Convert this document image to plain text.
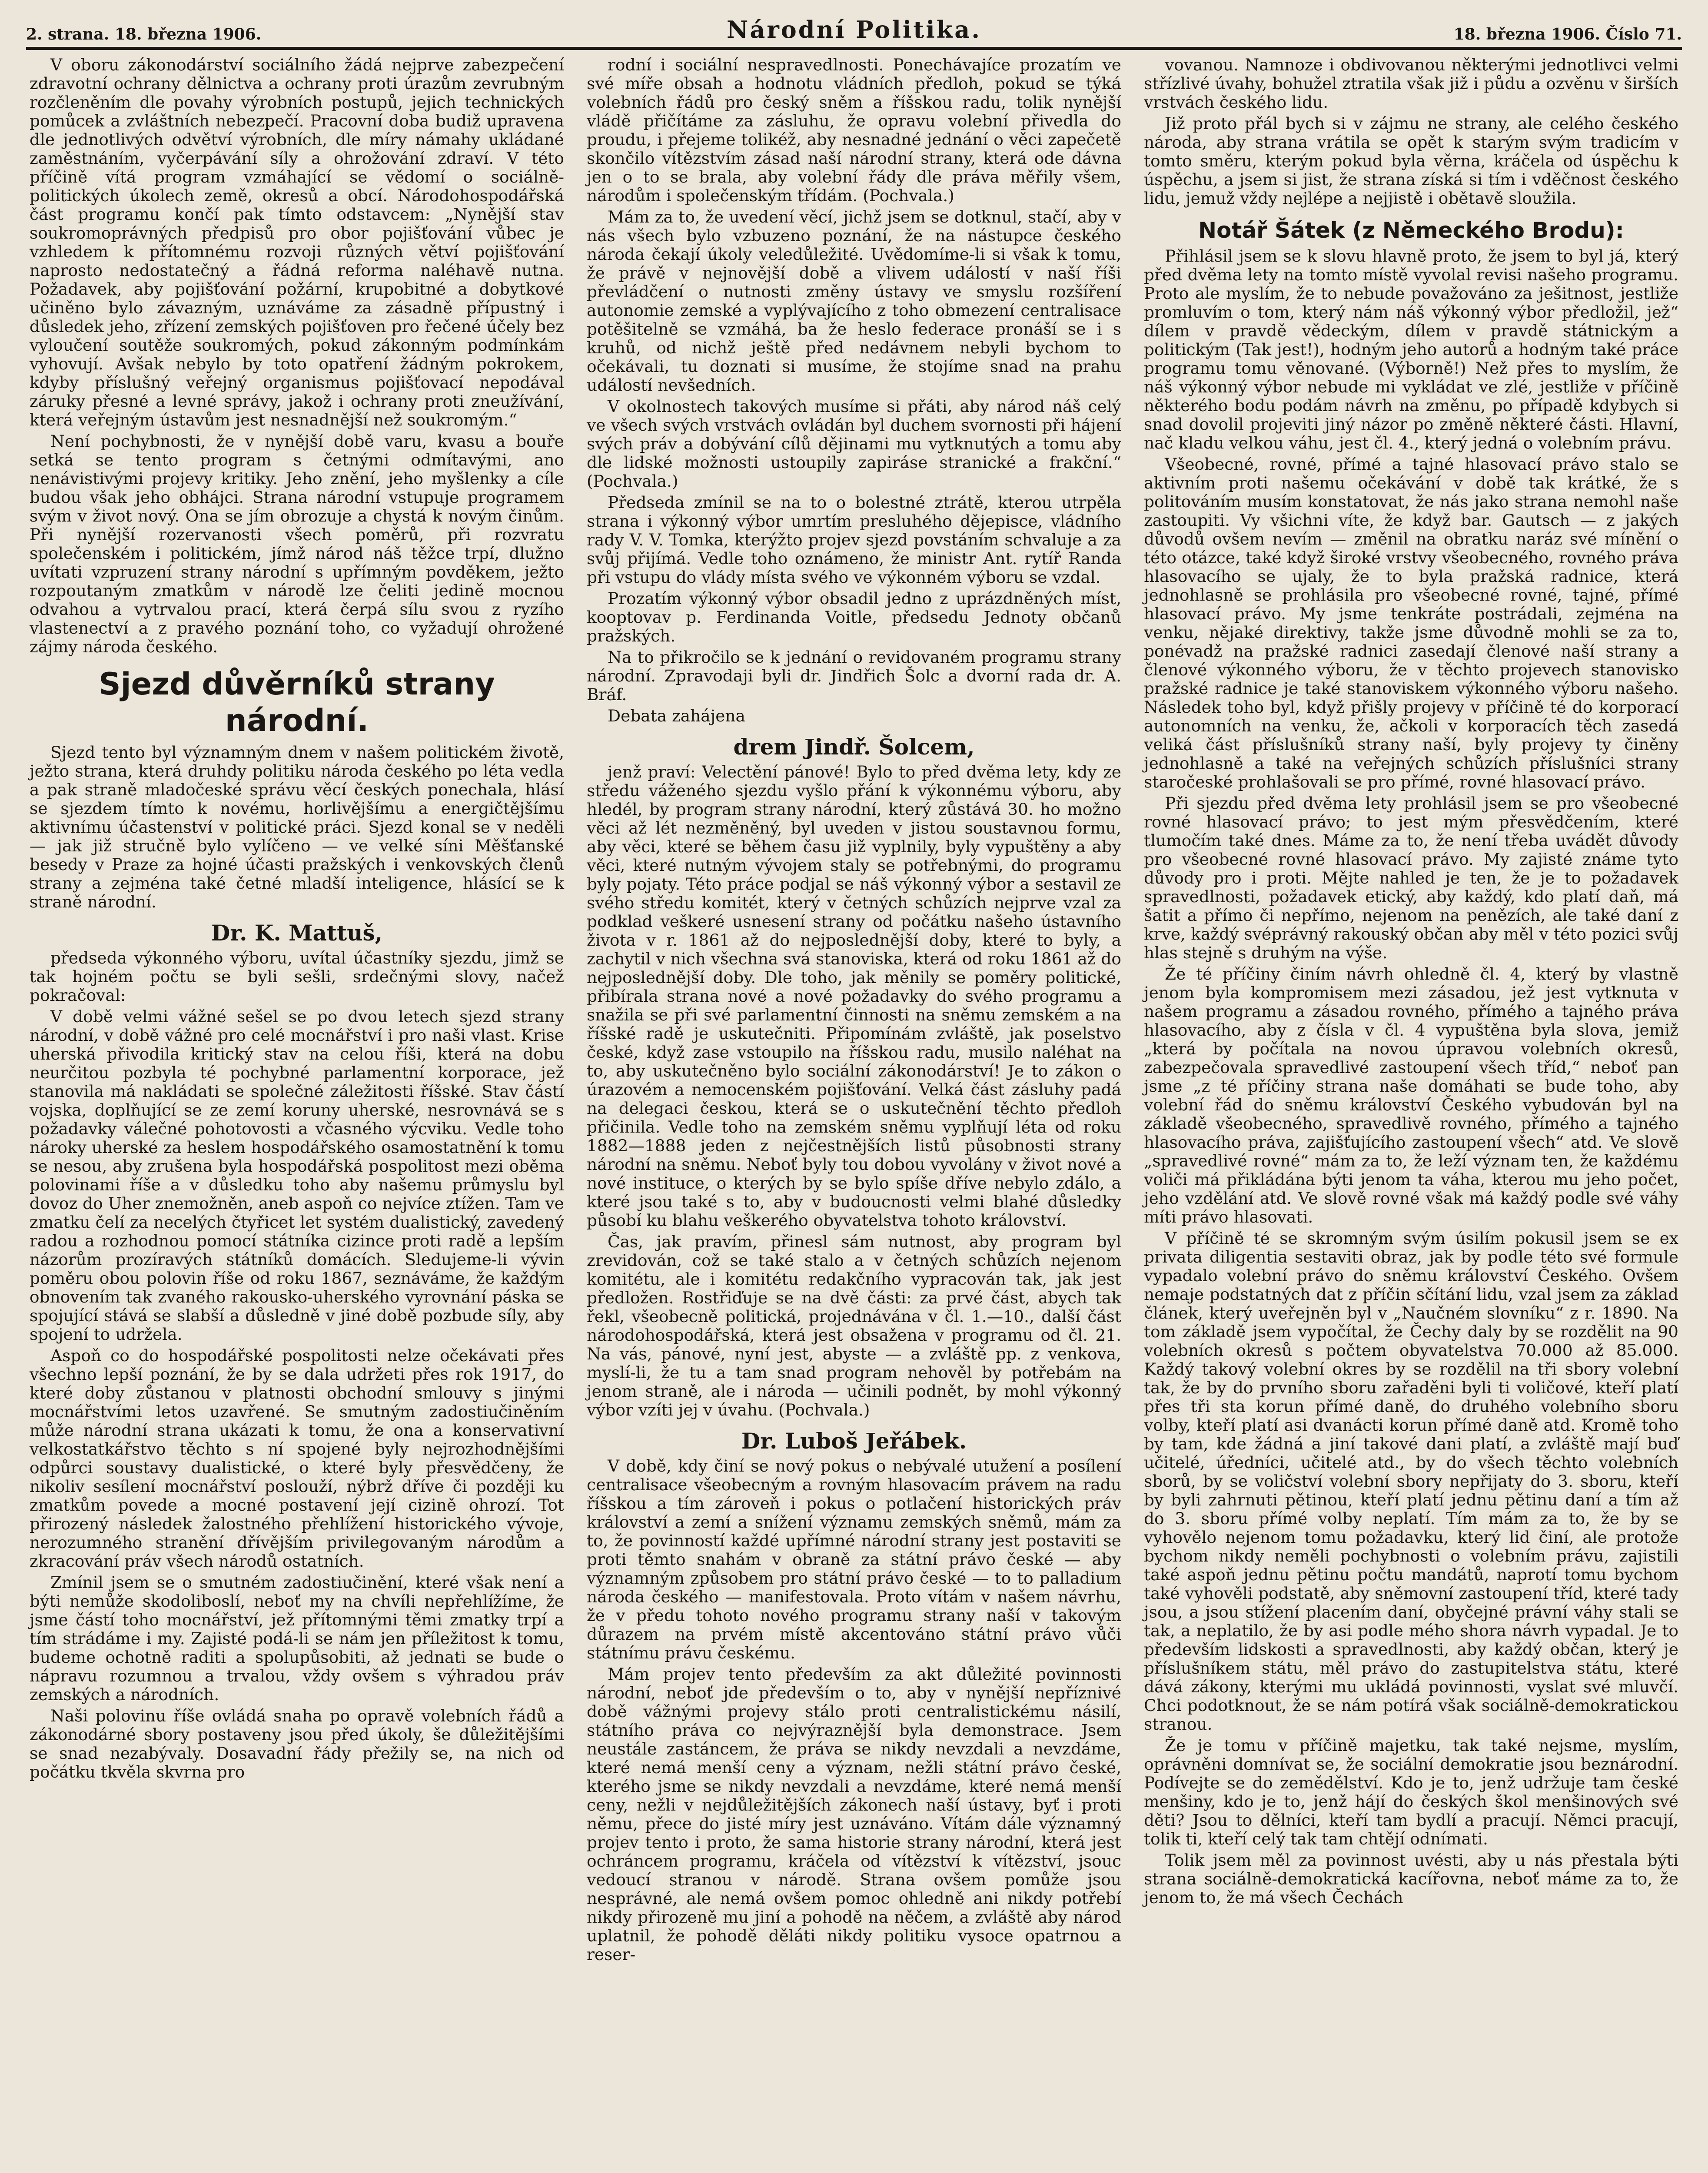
2. strana. 18. března 1906.	Národní Politika.	18. března 1906. Číslo 71.

V oboru zákonodárství sociálního žádá nejprve zabezpečení zdravotní ochrany dělnictva a ochrany proti úrazům zevrubným rozčleněním dle povahy výrobních postupů, jejich technických pomůcek a zvláštních nebezpečí. Pracovní doba budiž upravena dle jednotlivých odvětví výrobních, dle míry námahy ukládané zaměstnáním, vyčerpávání síly a ohrožování zdraví. V této příčině vítá program vzmáhající se vědomí o sociálně-politických úkolech země, okresů a obcí. Národohospodářská část programu končí pak tímto odstavcem: „Nynější stav soukromoprávných předpisů pro obor pojišťování vůbec je vzhledem k přítomnému rozvoji různých větví pojišťování naprosto nedostatečný a řádná reforma naléhavě nutna. Požadavek, aby pojišťování požární, krupobitné a dobytkové učiněno bylo závazným, uznáváme za zásadně přípustný i důsledek jeho, zřízení zemských pojišťoven pro řečené účely bez vyloučení soutěže soukromých, pokud zákonným podmínkám vyhovují. Avšak nebylo by toto opatření žádným pokrokem, kdyby příslušný veřejný organismus pojišťovací nepodával záruky přesné a levné správy, jakož i ochrany proti zneužívání, která veřejným ústavům jest nesnadnější než soukromým.“

Není pochybnosti, že v nynější době varu, kvasu a bouře setká se tento program s četnými odmítavými, ano nenávistivými projevy kritiky. Jeho znění, jeho myšlenky a cíle budou však jeho obhájci. Strana národní vstupuje programem svým v život nový. Ona se jím obrozuje a chystá k novým činům. Při nynější rozervanosti všech poměrů, při rozvratu společenském i politickém, jímž národ náš těžce trpí, dlužno uvítati vzpruzení strany národní s upřímným povděkem, ježto rozpoutaným zmatkům v národě lze čeliti jedině mocnou odvahou a vytrvalou prací, která čerpá sílu svou z ryzího vlastenectví a z pravého poznání toho, co vyžadují ohrožené zájmy národa českého.

Sjezd důvěrníků strany národní.

Sjezd tento byl významným dnem v našem politickém životě, ježto strana, která druhdy politiku národa českého po léta vedla a pak straně mladočeské správu věcí českých ponechala, hlásí se sjezdem tímto k novému, horlivějšímu a energičtějšímu aktivnímu účastenství v politické práci. Sjezd konal se v neděli — jak již stručně bylo vylíčeno — ve velké síni Měšťanské besedy v Praze za hojné účasti pražských i venkovských členů strany a zejména také četné mladší inteligence, hlásící se k straně národní.

Dr. K. Mattuš,

předseda výkonného výboru, uvítal účastníky sjezdu, jimž se tak hojném počtu se byli sešli, srdečnými slovy, načež pokračoval:

V době velmi vážné sešel se po dvou letech sjezd strany národní, v době vážné pro celé mocnářství i pro naši vlast. Krise uherská přivodila kritický stav na celou říši, která na dobu neurčitou pozbyla té pochybné parlamentní korporace, jež stanovila má nakládati se společné záležitosti říšské. Stav částí vojska, doplňující se ze zemí koruny uherské, nesrovnává se s požadavky válečné pohotovosti a včasného výcviku. Vedle toho nároky uherské za heslem hospodářského osamostatnění k tomu se nesou, aby zrušena byla hospodářská pospolitost mezi oběma polovinami říše a v důsledku toho aby našemu průmyslu byl dovoz do Uher znemožněn, aneb aspoň co nejvíce ztížen. Tam ve zmatku čelí za necelých čtyřicet let systém dualistický, zavedený radou a rozhodnou pomocí státníka cizince proti radě a lepším názorům prozíravých státníků domácích. Sledujeme-li vývin poměru obou polovin říše od roku 1867, seznáváme, že každým obnovením tak zvaného rakousko-uherského vyrovnání páska se spojující stává se slabší a důsledně v jiné době pozbude síly, aby spojení to udržela.

Aspoň co do hospodářské pospolitosti nelze očekávati přes všechno lepší poznání, že by se dala udržeti přes rok 1917, do které doby zůstanou v platnosti obchodní smlouvy s jinými mocnářstvími letos uzavřené. Se smutným zadostiučiněním může národní strana ukázati k tomu, že ona a konservativní velkostatkářstvo těchto s ní spojené byly nejrozhodnějšími odpůrci soustavy dualistické, o které byly přesvědčeny, že nikoliv sesílení mocnářství poslouží, nýbrž dříve či později ku zmatkům povede a mocné postavení její cizině ohrozí. Tot přirozený následek žalostného přehlížení historického vývoje, nerozumného stranění dřívějším privilegovaným národům a zkracování práv všech národů ostatních.

Zmínil jsem se o smutném zadostiučinění, které však není a býti nemůže skodoliboslí, neboť my na chvíli nepřehlížíme, že jsme částí toho mocnářství, jež přítomnými těmi zmatky trpí a tím strádáme i my. Zajisté podá-li se nám jen příležitost k tomu, budeme ochotně raditi a spolupůsobiti, až jednati se bude o nápravu rozumnou a trvalou, vždy ovšem s výhradou práv zemských a národních.

Naši polovinu říše ovládá snaha po opravě volebních řádů a zákonodárné sbory postaveny jsou před úkoly, še důležitějšími se snad nezabývaly. Dosavadní řády přežily se, na nich od počátku tkvěla skvrna pro

rodní i sociální nespravedlnosti. Ponechávajíce prozatím ve své míře obsah a hodnotu vládních předloh, pokud se týká volebních řádů pro český sněm a říšskou radu, tolik nynější vládě přičítáme za zásluhu, že opravu volební přivedla do proudu, i přejeme tolikéž, aby nesnadné jednání o věci zapečetě skončilo vítězstvím zásad naší národní strany, která ode dávna jen o to se brala, aby volební řády dle práva měřily všem, národům i společenským třídám. (Pochvala.)

Mám za to, že uvedení věcí, jichž jsem se dotknul, stačí, aby v nás všech bylo vzbuzeno poznání, že na nástupce českého národa čekají úkoly veledůležité. Uvědomíme-li si však k tomu, že právě v nejnovější době a vlivem událostí v naší říši převládčení o nutnosti změny ústavy ve smyslu rozšíření autonomie zemské a vyplývajícího z toho obmezení centralisace potěšitelně se vzmáhá, ba že heslo federace pronáší se i s kruhů, od nichž ještě před nedávnem nebyli bychom to očekávali, tu doznati si musíme, že stojíme snad na prahu událostí nevšedních.

V okolnostech takových musíme si přáti, aby národ náš celý ve všech svých vrstvách ovládán byl duchem svornosti při hájení svých práv a dobývání cílů dějinami mu vytknutých a tomu aby dle lidské možnosti ustoupily zapiráse stranické a frakční.“ (Pochvala.)

Předseda zmínil se na to o bolestné ztrátě, kterou utrpěla strana i výkonný výbor umrtím presluhého dějepisce, vládního rady V. V. Tomka, kterýžto projev sjezd povstáním schvaluje a za svůj přijímá. Vedle toho oznámeno, že ministr Ant. rytíř Randa při vstupu do vlády místa svého ve výkonném výboru se vzdal.

Prozatím výkonný výbor obsadil jedno z uprázdněných míst, kooptovav p. Ferdinanda Voitle, předsedu Jednoty občanů pražských.

Na to přikročilo se k jednání o revidovaném programu strany národní. Zpravodaji byli dr. Jindřich Šolc a dvorní rada dr. A. Bráf.

Debata zahájena

drem Jindř. Šolcem,

jenž praví: Velectění pánové! Bylo to před dvěma lety, kdy ze středu váženého sjezdu vyšlo přání k výkonnému výboru, aby hledél, by program strany národní, který zůstává 30. ho možno věci až lét nezměněný, byl uveden v jistou soustavnou formu, aby věci, které se během času již vyplnily, byly vypuštěny a aby věci, které nutným vývojem staly se potřebnými, do programu byly pojaty. Této práce podjal se náš výkonný výbor a sestavil ze svého středu komitét, který v četných schůzích nejprve vzal za podklad veškeré usnesení strany od počátku našeho ústavního života v r. 1861 až do nejposlednější doby, které to byly, a zachytil v nich všechna svá stanoviska, která od roku 1861 až do nejposlednější doby. Dle toho, jak měnily se poměry politické, přibírala strana nové a nové požadavky do svého programu a snažila se při své parlamentní činnosti na sněmu zemském a na říšské radě je uskutečniti. Připomínám zvláště, jak poselstvo české, když zase vstoupilo na říšskou radu, musilo naléhat na to, aby uskutečněno bylo sociální zákonodárství! Je to zákon o úrazovém a nemocenském pojišťování. Velká část zásluhy padá na delegaci českou, která se o uskutečnění těchto předloh přičinila. Vedle toho na zemském sněmu vyplňují léta od roku 1882—1888 jeden z nejčestnějších listů působnosti strany národní na sněmu. Neboť byly tou dobou vyvolány v život nové a nové instituce, o kterých by se bylo spíše dříve nebylo zdálo, a které jsou také s to, aby v budoucnosti velmi blahé důsledky působí ku blahu veškerého obyvatelstva tohoto království.

Čas, jak pravím, přinesl sám nutnost, aby program byl zrevidován, což se také stalo a v četných schůzích nejenom komitétu, ale i komitétu redakčního vypracován tak, jak jest předložen. Rostřiďuje se na dvě části: za prvé část, abych tak řekl, všeobecně politická, projednávána v čl. 1.—10., další část národohospodářská, která jest obsažena v programu od čl. 21. Na vás, pánové, nyní jest, abyste — a zvláště pp. z venkova, myslí-li, že tu a tam snad program nehověl by potřebám na jenom straně, ale i národa — učinili podnět, by mohl výkonný výbor vzíti jej v úvahu. (Pochvala.)

Dr. Luboš Jeřábek.

V době, kdy činí se nový pokus o nebývalé utužení a posílení centralisace všeobecným a rovným hlasovacím právem na radu říšskou a tím zároveň i pokus o potlačení historických práv království a zemí a snížení významu zemských sněmů, mám za to, že povinností každé upřímné národní strany jest postaviti se proti těmto snahám v obraně za státní právo české — aby významným způsobem pro státní právo české — to to palladium národa českého — manifestovala. Proto vítám v našem návrhu, že v předu tohoto nového programu strany naší v takovým důrazem na prvém místě akcentováno státní právo vůči státnímu právu českému.

Mám projev tento především za akt důležité povinnosti národní, neboť jde především o to, aby v nynější nepříznivé době vážnými projevy stálo proti centralistickému násilí, státního práva co nejvýraznější byla demonstrace. Jsem neustále zastáncem, že práva se nikdy nevzdali a nevzdáme, které nemá menší ceny a význam, nežli státní právo české, kterého jsme se nikdy nevzdali a nevzdáme, které nemá menší ceny, nežli v nejdůležitějších zákonech naší ústavy, byť i proti němu, přece do jisté míry jest uznáváno. Vítám dále významný projev tento i proto, že sama historie strany národní, která jest ochráncem programu, kráčela od vítězství k vítězství, jsouc vedoucí stranou v národě. Strana ovšem pomůže jsou nesprávné, ale nemá ovšem pomoc ohledně ani nikdy potřebí nikdy přirozeně mu jiní a pohodě na něčem, a zvláště aby národ uplatnil, že pohodě děláti nikdy politiku vysoce opatrnou a reser-

vovanou. Namnoze i obdivovanou některými jednotlivci velmi střízlivé úvahy, bohužel ztratila však již i půdu a ozvěnu v širších vrstvách českého lidu.

Již proto přál bych si v zájmu ne strany, ale celého českého národa, aby strana vrátila se opět k starým svým tradicím v tomto směru, kterým pokud byla věrna, kráčela od úspěchu k úspěchu, a jsem si jist, že strana získá si tím i vděčnost českého lidu, jemuž vždy nejlépe a nejjistě i obětavě sloužila.

Notář Šátek (z Německého Brodu):

Přihlásil jsem se k slovu hlavně proto, že jsem to byl já, který před dvěma lety na tomto místě vyvolal revisi našeho programu. Proto ale myslím, že to nebude považováno za ješitnost, jestliže promluvím o tom, který nám náš výkonný výbor předložil, jež“ dílem v pravdě vědeckým, dílem v pravdě státnickým a politickým (Tak jest!), hodným jeho autorů a hodným také práce programu tomu věnované. (Výborně!) Než přes to myslím, že náš výkonný výbor nebude mi vykládat ve zlé, jestliže v příčině některého bodu podám návrh na změnu, po případě kdybych si snad dovolil projeviti jiný názor po změně některé části. Hlavní, nač kladu velkou váhu, jest čl. 4., který jedná o volebním právu.

Všeobecné, rovné, přímé a tajné hlasovací právo stalo se aktivním proti našemu očekávání v době tak krátké, že s politováním musím konstatovat, že nás jako strana nemohl naše zastoupiti. Vy všichni víte, že když bar. Gautsch — z jakých důvodů ovšem nevím — změnil na obratku naráz své mínění o této otázce, také když široké vrstvy všeobecného, rovného práva hlasovacího se ujaly, že to byla pražská radnice, která jednohlasně se prohlásila pro všeobecné rovné, tajné, přímé hlasovací právo. My jsme tenkráte postrádali, zejména na venku, nějaké direktivy, takže jsme důvodně mohli se za to, ponévadž na pražské radnici zasedají členové naší strany a členové výkonného výboru, že v těchto projevech stanovisko pražské radnice je také stanoviskem výkonného výboru našeho. Následek toho byl, když přišly projevy v příčině té do korporací autonomních na venku, že, ačkoli v korporacích těch zasedá veliká část příslušníků strany naší, byly projevy ty činěny jednohlasně a také na veřejných schůzích příslušníci strany staročeské prohlašovali se pro přímé, rovné hlasovací právo.

Při sjezdu před dvěma lety prohlásil jsem se pro všeobecné rovné hlasovací právo; to jest mým přesvědčením, které tlumočím také dnes. Máme za to, že není třeba uvádět důvody pro všeobecné rovné hlasovací právo. My zajisté známe tyto důvody pro i proti. Mějte nahled je ten, že je to požadavek spravedlnosti, požadavek etický, aby každý, kdo platí daň, má šatit a přímo či nepřímo, nejenom na penězích, ale také daní z krve, každý svéprávný rakouský občan aby měl v této pozici svůj hlas stejně s druhým na výše.

Že té příčiny činím návrh ohledně čl. 4, který by vlastně jenom byla kompromisem mezi zásadou, jež jest vytknuta v našem programu a zásadou rovného, přímého a tajného práva hlasovacího, aby z čísla v čl. 4 vypuštěna byla slova, jemiž „která by počítala na novou úpravou volebních okresů, zabezpečovala spravedlivé zastoupení všech tříd,“ neboť pan jsme „z té příčiny strana naše domáhati se bude toho, aby volební řád do sněmu království Českého vybudován byl na základě všeobecného, spravedlivě rovného, přímého a tajného hlasovacího práva, zajišťujícího zastoupení všech“ atd. Ve slově „spravedlivé rovné“ mám za to, že leží význam ten, že každému voliči má přikládána býti jenom ta váha, kterou mu jeho počet, jeho vzdělání atd. Ve slově rovné však má každý podle své váhy míti právo hlasovati.

V příčině té se skromným svým úsilím pokusil jsem se ex privata diligentia sestaviti obraz, jak by podle této své formule vypadalo volební právo do sněmu království Českého. Ovšem nemaje podstatných dat z příčin sčítání lidu, vzal jsem za základ článek, který uveřejněn byl v „Naučném slovníku“ z r. 1890. Na tom základě jsem vypočítal, že Čechy daly by se rozdělit na 90 volebních okresů s počtem obyvatelstva 70.000 až 85.000. Každý takový volební okres by se rozdělil na tři sbory volební tak, že by do prvního sboru zařaděni byli ti voličové, kteří platí přes tři sta korun přímé daně, do druhého volebního sboru volby, kteří platí asi dvanácti korun přímé daně atd. Kromě toho by tam, kde žádná a jiní takové dani platí, a zvláště mají buď učitelé, úředníci, učitelé atd., by do všech těchto volebních sborů, by se voličství volební sbory nepřijaty do 3. sboru, kteří by byli zahrnuti pětinou, kteří platí jednu pětinu daní a tím až do 3. sboru přímé volby neplatí. Tím mám za to, že by se vyhovělo nejenom tomu požadavku, který lid činí, ale protože bychom nikdy neměli pochybnosti o volebním právu, zajistili také aspoň jednu pětinu počtu mandátů, naprotí tomu bychom také vyhověli podstatě, aby sněmovní zastoupení tříd, které tady jsou, a jsou stížení placením daní, obyčejné právní váhy stali se tak, a neplatilo, že by asi podle mého shora návrh vypadal. Je to především lidskosti a spravedlnosti, aby každý občan, který je příslušníkem státu, měl právo do zastupitelstva státu, které dává zákony, kterými mu ukládá povinnosti, vyslat své mluvčí. Chci podotknout, že se nám potírá však sociálně-demokratickou stranou.

Že je tomu v příčině majetku, tak také nejsme, myslím, oprávněni domnívat se, že sociální demokratie jsou beznárodní. Podívejte se do zemědělství. Kdo je to, jenž udržuje tam české menšiny, kdo je to, jenž hájí do českých škol menšinových své děti? Jsou to dělníci, kteří tam bydlí a pracují. Němci pracují, tolik ti, kteří celý tak tam chtějí odnímati.

Tolik jsem měl za povinnost uvésti, aby u nás přestala býti strana sociálně-demokratická kacířovna, neboť máme za to, že jenom to, že má všech Čechách
